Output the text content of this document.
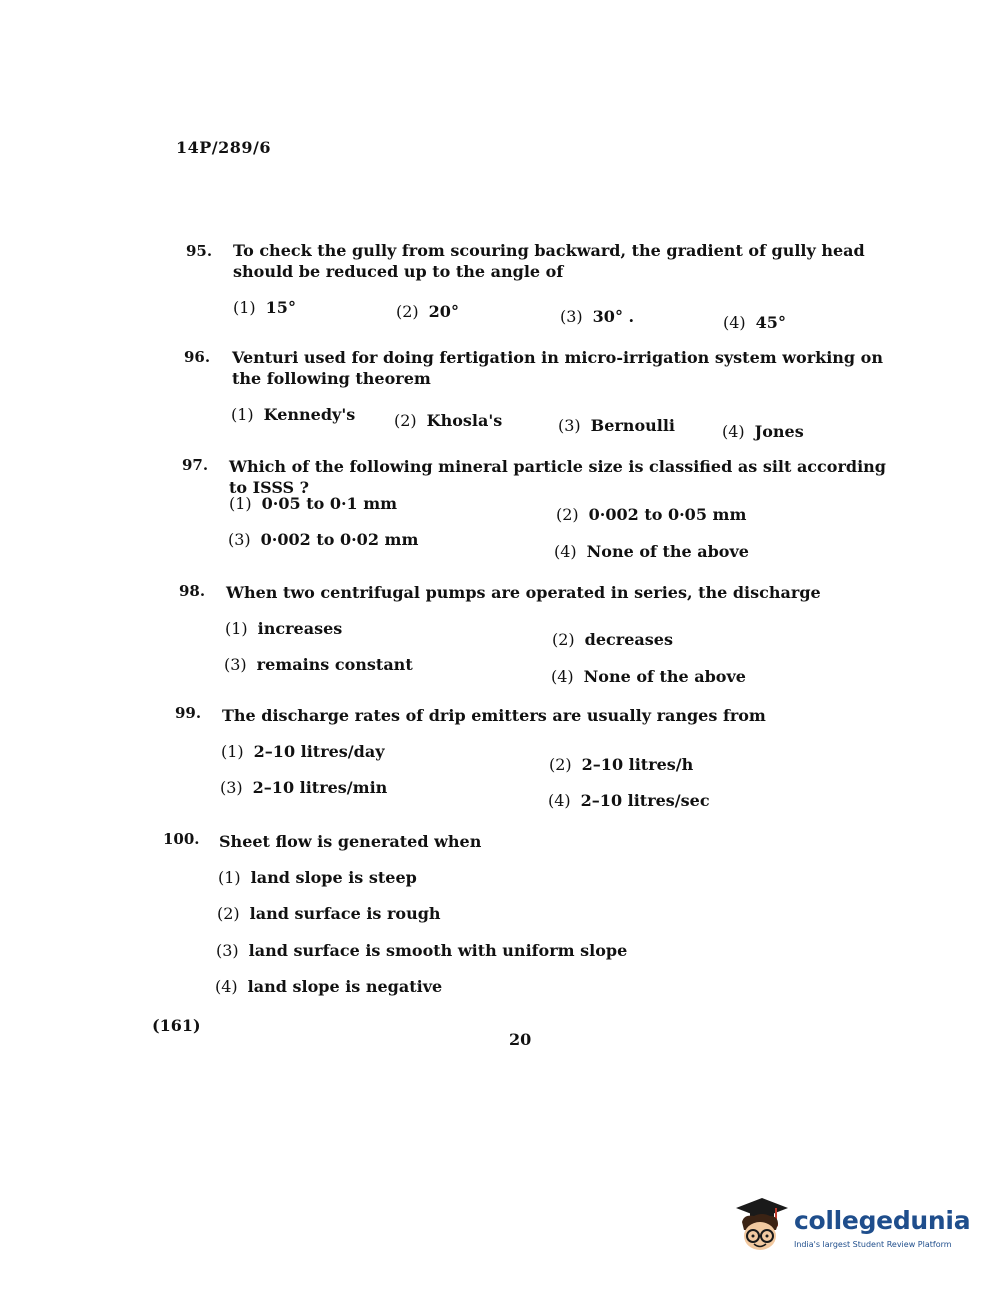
14P/289/6
95. To check the gully from scouring backward, the gradient of gully head should be reduced up to the angle of
(1) 15°	(2) 20°	(3) 30° .	(4) 45°
96. Venturi used for doing fertigation in micro-irrigation system working on the following theorem
(1) Kennedy's (2) Khosla's	(3) Bernoulli	(4) Jones
97. Which of the following mineral particle size is classified as silt according to ISSS ?
(1) 0·05 to 0·1 mm
(2) 0·002 to 0·05 mm
(3) 0·002 to 0·02 mm
(4) None of the above
98. When two centrifugal pumps are operated in series, the discharge
(1) increases
(2) decreases
(3) remains constant
(4) None of the above
99. The discharge rates of drip emitters are usually ranges from
(1) 2–10 litres/day
(2) 2–10 litres/h
(3) 2–10 litres/min
(4) 2–10 litres/sec
100. Sheet flow is generated when
(1) land slope is steep
(2) land surface is rough
(3) land surface is smooth with uniform slope
(4) land slope is negative
(161)
20
collegedunia
India's largest Student Review Platform
